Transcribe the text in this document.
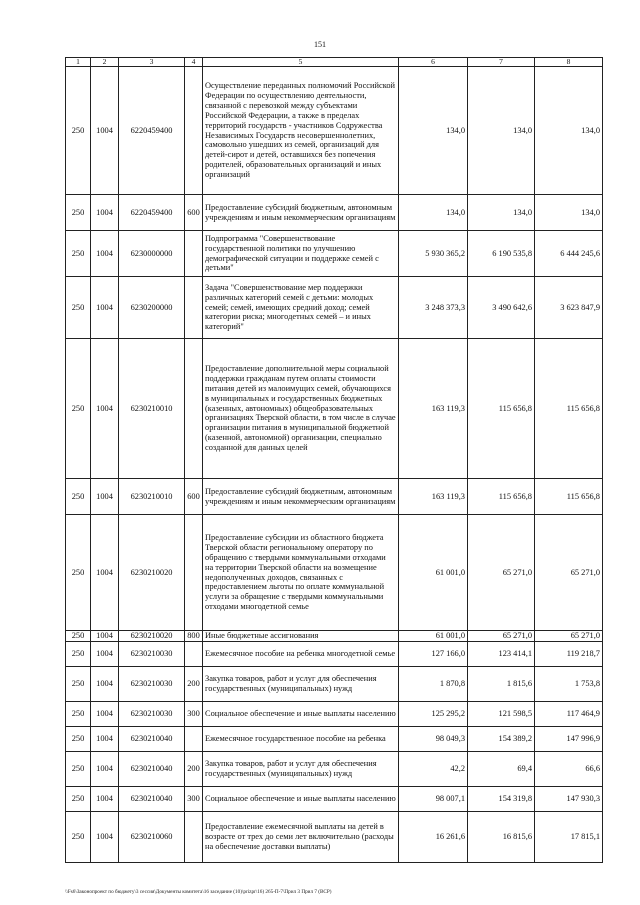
151
1	2	3	4	5	6	7	8
250	1004	6220459400		Осуществление переданных полномочий Российской Федерации по осуществлению деятельности, связанной с перевозкой между субъектами Российской Федерации, а также в пределах территорий государств - участников Содружества Независимых Государств несовершеннолетних, самовольно ушедших из семей, организаций для детей-сирот и детей, оставшихся без попечения родителей, образовательных организаций и иных организаций	134,0	134,0	134,0
250	1004	6220459400	600	Предоставление субсидий бюджетным, автономным учреждениям и иным некоммерческим организациям	134,0	134,0	134,0
250	1004	6230000000		Подпрограмма "Совершенствование государственной политики по улучшению демографической ситуации и поддержке семей с детьми"	5 930 365,2	6 190 535,8	6 444 245,6
250	1004	6230200000		Задача "Совершенствование мер поддержки различных категорий семей с детьми: молодых семей; семей, имеющих средний доход; семей категории риска; многодетных семей – и иных категорий"	3 248 373,3	3 490 642,6	3 623 847,9
250	1004	6230210010		Предоставление дополнительной меры социальной поддержки гражданам путем оплаты стоимости питания детей из малоимущих семей, обучающихся в муниципальных и государственных бюджетных (казенных, автономных) общеобразовательных организациях Тверской области, в том числе в случае организации питания в муниципальной бюджетной (казенной, автономной) организации, специально созданной для данных целей	163 119,3	115 656,8	115 656,8
250	1004	6230210010	600	Предоставление субсидий бюджетным, автономным учреждениям и иным некоммерческим организациям	163 119,3	115 656,8	115 656,8
250	1004	6230210020		Предоставление субсидии из областного бюджета Тверской области региональному оператору по обращению с твердыми коммунальными отходами на территории Тверской области на возмещение недополученных доходов, связанных с предоставлением льготы по оплате коммунальной услуги за обращение с твердыми коммунальными отходами многодетной семье	61 001,0	65 271,0	65 271,0
250	1004	6230210020	800	Иные бюджетные ассигнования	61 001,0	65 271,0	65 271,0
250	1004	6230210030		Ежемесячное пособие на ребенка многодетной семье	127 166,0	123 414,1	119 218,7
250	1004	6230210030	200	Закупка товаров, работ и услуг для обеспечения государственных (муниципальных) нужд	1 870,8	1 815,6	1 753,8
250	1004	6230210030	300	Социальное обеспечение и иные выплаты населению	125 295,2	121 598,5	117 464,9
250	1004	6230210040		Ежемесячное государственное пособие на ребенка	98 049,3	154 389,2	147 996,9
250	1004	6230210040	200	Закупка товаров, работ и услуг для обеспечения государственных (муниципальных) нужд	42,2	69,4	66,6
250	1004	6230210040	300	Социальное обеспечение и иные выплаты населению	98 007,1	154 319,8	147 930,3
250	1004	6230210060		Предоставление ежемесячной выплаты на детей в возрасте от трех до семи лет включительно (расходы на обеспечение доставки выплаты)	16 261,6	16 815,6	17 815,1
\\Fs6\Законопроект по бюджету\3 сессия\Документы комитета\16 заседание (10)\prizpr\16) 265-П-7\Прил 3 Прил 7 (ВСР)
